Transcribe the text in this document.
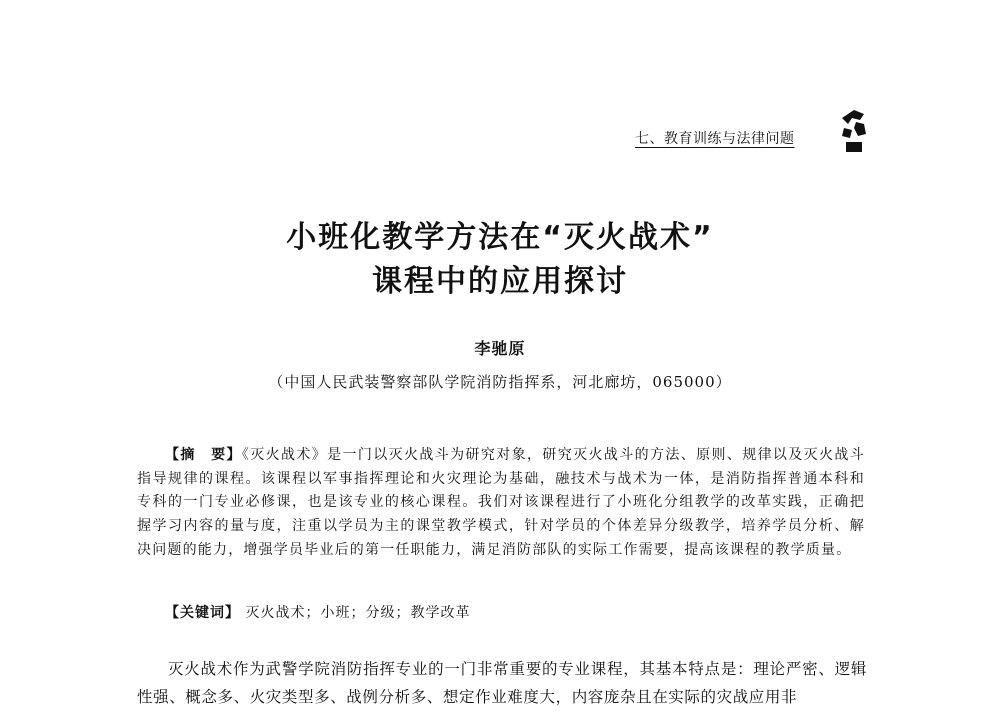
七、教育训练与法律问题
小班化教学方法在“灭火战术”
课程中的应用探讨
李驰原
（中国人民武装警察部队学院消防指挥系，河北廊坊，065000）

【摘　要】《灭火战术》是一门以灭火战斗为研究对象，研究灭火战斗的方法、原则、规律以及灭火战斗指导规律的课程。该课程以军事指挥理论和火灾理论为基础，融技术与战术为一体，是消防指挥普通本科和专科的一门专业必修课，也是该专业的核心课程。我们对该课程进行了小班化分组教学的改革实践，正确把握学习内容的量与度，注重以学员为主的课堂教学模式，针对学员的个体差异分级教学，培养学员分析、解决问题的能力，增强学员毕业后的第一任职能力，满足消防部队的实际工作需要，提高该课程的教学质量。

【关键词】 灭火战术；小班；分级；教学改革
灭火战术作为武警学院消防指挥专业的一门非常重要的专业课程，其基本特点是：理论严密、逻辑性强、概念多、火灾类型多、战例分析多、想定作业难度大，内容庞杂且在实际的灾战应用非
